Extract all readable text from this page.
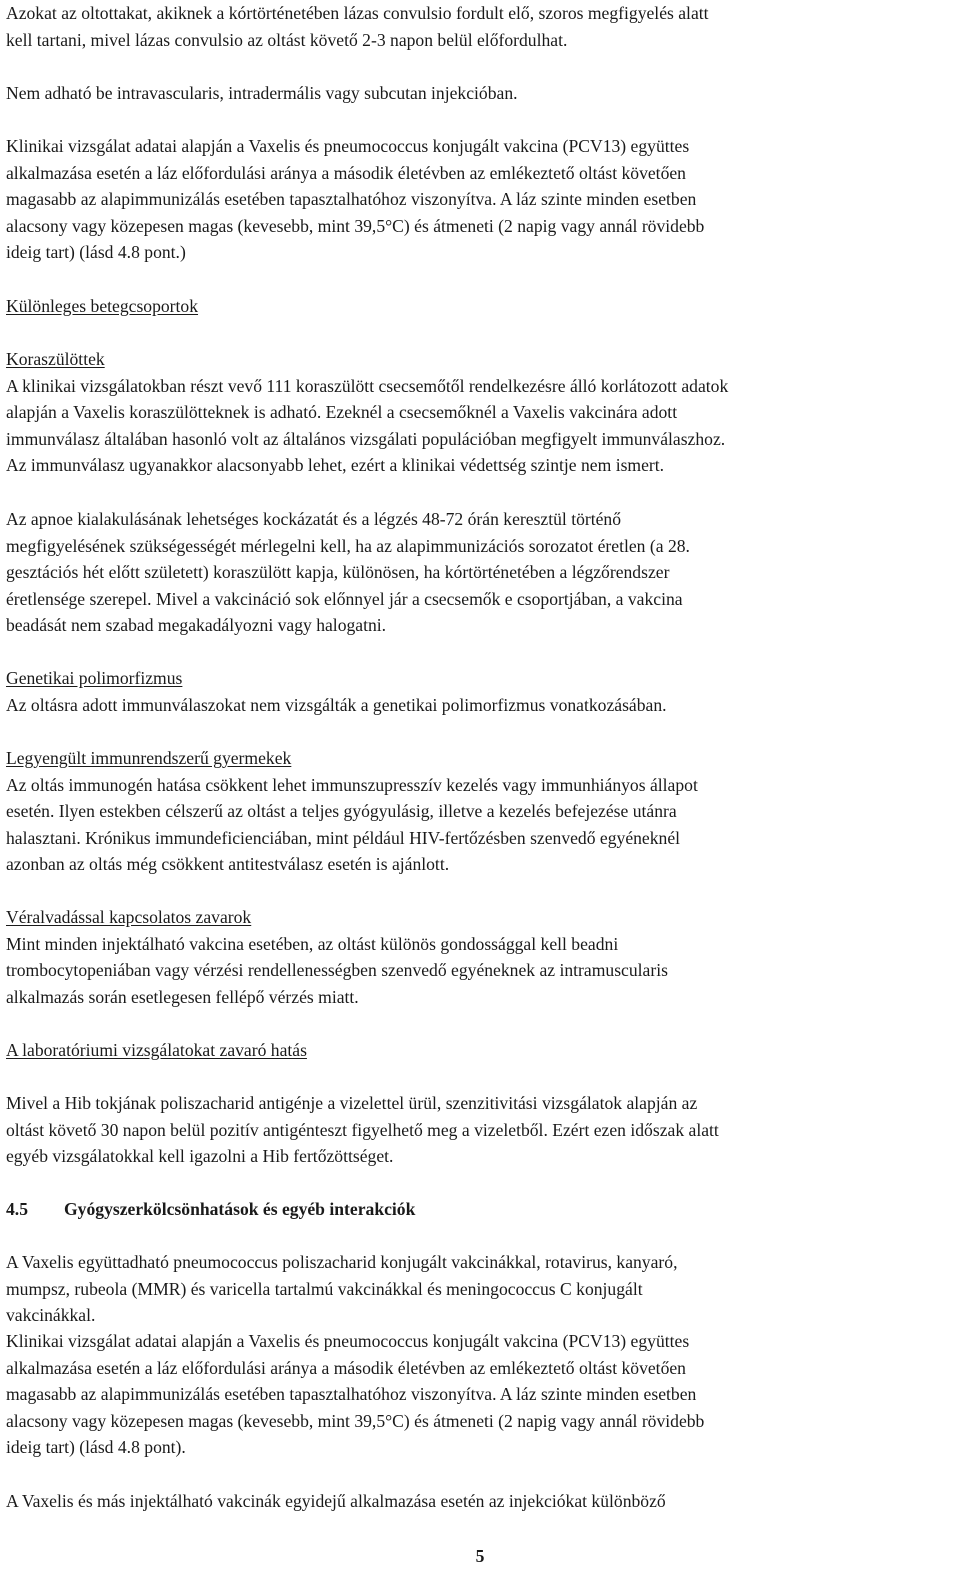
Azokat az oltottakat, akiknek a kórtörténetében lázas convulsio fordult elő, szoros megfigyelés alatt
kell tartani, mivel lázas convulsio az oltást követő 2-3 napon belül előfordulhat.
Nem adható be intravascularis, intradermális vagy subcutan injekcióban.
Klinikai vizsgálat adatai alapján a Vaxelis és pneumococcus konjugált vakcina (PCV13) együttes
alkalmazása esetén a láz előfordulási aránya a második életévben az emlékeztető oltást követően
magasabb az alapimmunizálás esetében tapasztalhatóhoz viszonyítva. A láz szinte minden esetben
alacsony vagy közepesen magas (kevesebb, mint 39,5°C) és átmeneti (2 napig vagy annál rövidebb
ideig tart) (lásd 4.8 pont.)
Különleges betegcsoportok
Koraszülöttek
A klinikai vizsgálatokban részt vevő 111 koraszülött csecsemőtől rendelkezésre álló korlátozott adatok
alapján a Vaxelis koraszülötteknek is adható. Ezeknél a csecsemőknél a Vaxelis vakcinára adott
immunválasz általában hasonló volt az általános vizsgálati populációban megfigyelt immunválaszhoz.
Az immunválasz ugyanakkor alacsonyabb lehet, ezért a klinikai védettség szintje nem ismert.
Az apnoe kialakulásának lehetséges kockázatát és a légzés 48-72 órán keresztül történő
megfigyelésének szükségességét mérlegelni kell, ha az alapimmunizációs sorozatot éretlen (a 28.
gesztációs hét előtt született) koraszülött kapja, különösen, ha kórtörténetében a légzőrendszer
éretlensége szerepel. Mivel a vakcináció sok előnnyel jár a csecsemők e csoportjában, a vakcina
beadását nem szabad megakadályozni vagy halogatni.
Genetikai polimorfizmus
Az oltásra adott immunválaszokat nem vizsgálták a genetikai polimorfizmus vonatkozásában.
Legyengült immunrendszerű gyermekek
Az oltás immunogén hatása csökkent lehet immunszupresszív kezelés vagy immunhiányos állapot
esetén. Ilyen estekben célszerű az oltást a teljes gyógyulásig, illetve a kezelés befejezése utánra
halasztani. Krónikus immundeficienciában, mint például HIV-fertőzésben szenvedő egyéneknél
azonban az oltás még csökkent antitestválasz esetén is ajánlott.
Véralvadással kapcsolatos zavarok
Mint minden injektálható vakcina esetében, az oltást különös gondossággal kell beadni
trombocytopeniában vagy vérzési rendellenességben szenvedő egyéneknek az intramuscularis
alkalmazás során esetlegesen fellépő vérzés miatt.
A laboratóriumi vizsgálatokat zavaró hatás
Mivel a Hib tokjának poliszacharid antigénje a vizelettel ürül, szenzitivitási vizsgálatok alapján az
oltást követő 30 napon belül pozitív antigénteszt figyelhető meg a vizeletből. Ezért ezen időszak alatt
egyéb vizsgálatokkal kell igazolni a Hib fertőzöttséget.
4.5 Gyógyszerkölcsönhatások és egyéb interakciók
A Vaxelis együttadható pneumococcus poliszacharid konjugált vakcinákkal, rotavirus, kanyaró,
mumpsz, rubeola (MMR) és varicella tartalmú vakcinákkal és meningococcus C konjugált
vakcinákkal.
Klinikai vizsgálat adatai alapján a Vaxelis és pneumococcus konjugált vakcina (PCV13) együttes
alkalmazása esetén a láz előfordulási aránya a második életévben az emlékeztető oltást követően
magasabb az alapimmunizálás esetében tapasztalhatóhoz viszonyítva. A láz szinte minden esetben
alacsony vagy közepesen magas (kevesebb, mint 39,5°C) és átmeneti (2 napig vagy annál rövidebb
ideig tart) (lásd 4.8 pont).
A Vaxelis és más injektálható vakcinák egyidejű alkalmazása esetén az injekciókat különböző
5
